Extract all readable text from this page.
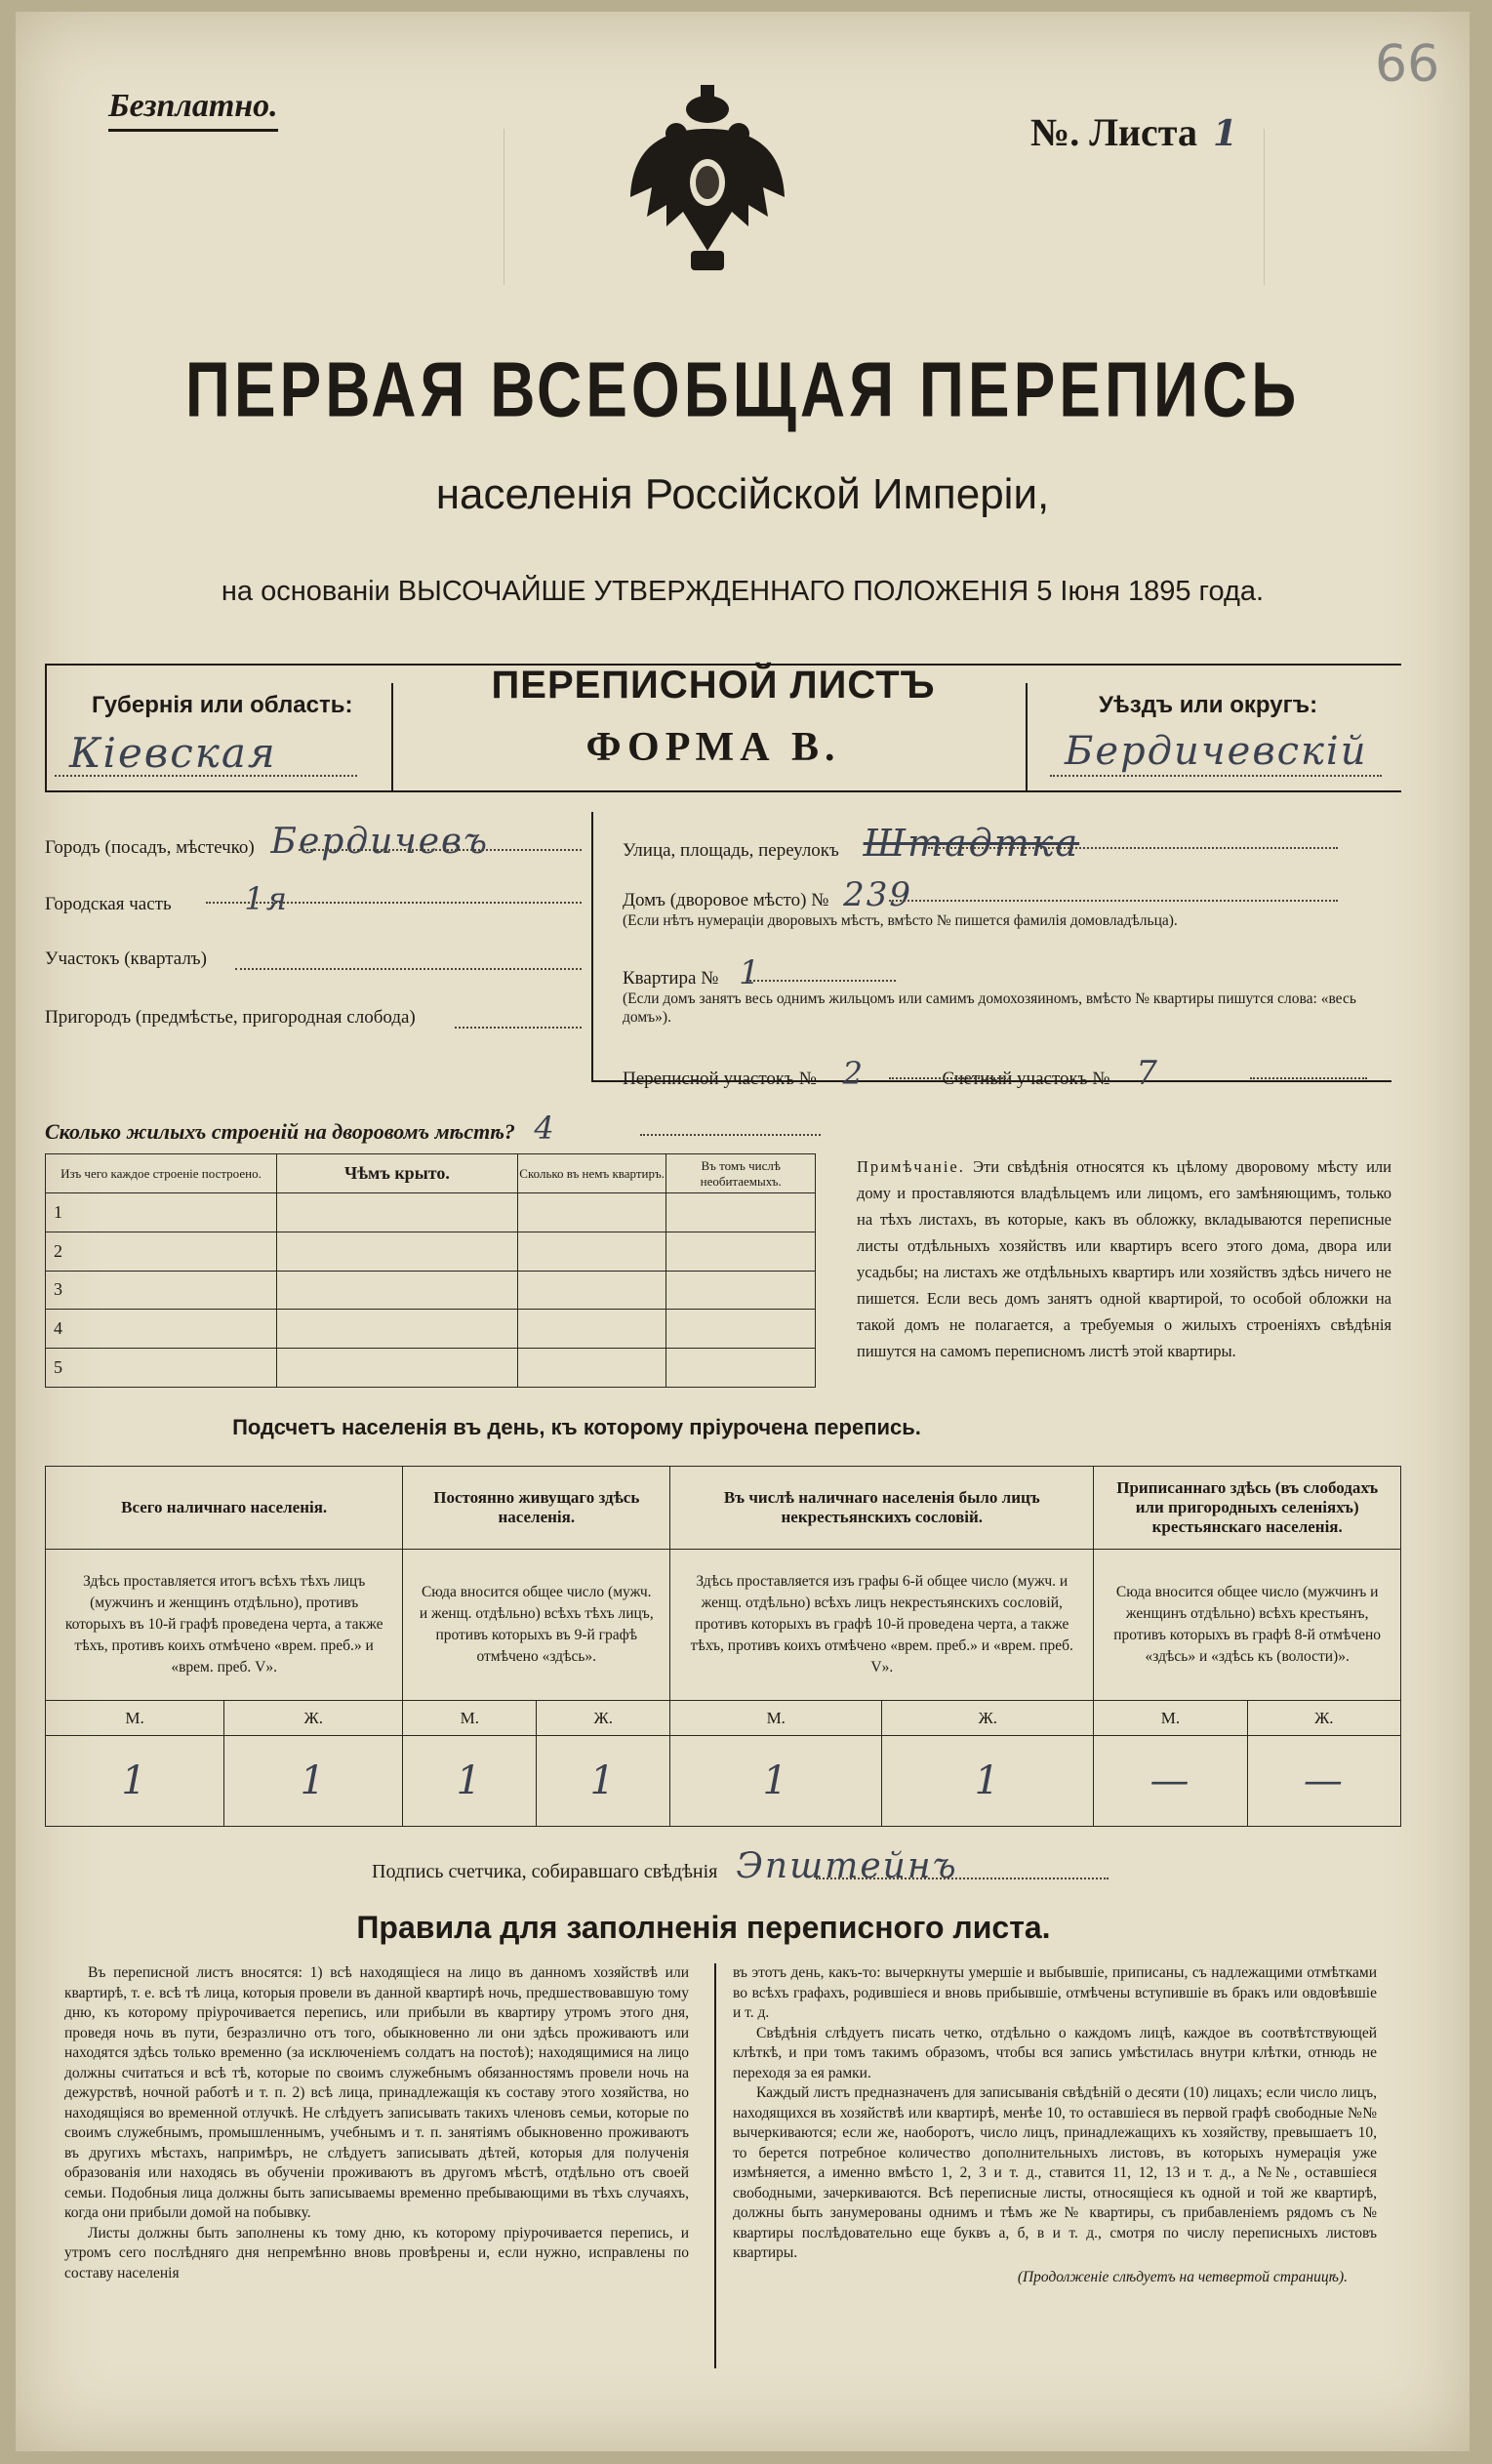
66
Безплатно.
№. Листа 1
ПЕРВАЯ ВСЕОБЩАЯ ПЕРЕПИСЬ
населенія Россійской Имперіи,
на основаніи ВЫСОЧАЙШЕ УТВЕРЖДЕННАГО ПОЛОЖЕНІЯ 5 Іюня 1895 года.
Губернія или область:
Кіевская
ПЕРЕПИСНОЙ ЛИСТЪ
ФОРМА В.
Уѣздъ или округъ:
Бердичевскій
Городъ (посадъ, мѣстечко) Бердичевъ
Городская часть 1я
Участокъ (кварталъ)
Пригородъ (предмѣстье, пригородная слобода)
Улица, площадь, переулокъ Штадтка
Домъ (дворовое мѣсто) № 239
(Если нѣтъ нумераціи дворовыхъ мѣстъ, вмѣсто № пишется фамилія домовладѣльца).
Квартира № 1
(Если домъ занятъ весь однимъ жильцомъ или самимъ домохозяиномъ, вмѣсто № квартиры пишутся слова: «весь домъ»).
Переписной участокъ № 2	Счетный участокъ № 7
Сколько жилыхъ строеній на дворовомъ мѣстѣ? 4
Изъ чего каждое строеніе построено.	Чѣмъ крыто.	Сколько въ немъ квартиръ.	Въ томъ числѣ необитаемыхъ.
1			
2			
3			
4			
5			
Примѣчаніе. Эти свѣдѣнія относятся къ цѣлому дворовому мѣсту или дому и проставляются владѣльцемъ или лицомъ, его замѣняющимъ, только на тѣхъ листахъ, въ которые, какъ въ обложку, вкладываются переписные листы отдѣльныхъ хозяйствъ или квартиръ всего этого дома, двора или усадьбы; на листахъ же отдѣльныхъ квартиръ или хозяйствъ здѣсь ничего не пишется. Если весь домъ занятъ одной квартирой, то особой обложки на такой домъ не полагается, а требуемыя о жилыхъ строеніяхъ свѣдѣнія пишутся на самомъ переписномъ листѣ этой квартиры.
Подсчетъ населенія въ день, къ которому пріурочена перепись.
Всего наличнаго населенія.		Постоянно живущаго здѣсь населенія.		Въ числѣ наличнаго населенія было лицъ некрестьянскихъ сословій.		Приписаннаго здѣсь (въ слободахъ или пригородныхъ селеніяхъ) крестьянскаго населенія.	
Здѣсь проставляется итогъ всѣхъ тѣхъ лицъ (мужчинъ и женщинъ отдѣльно), противъ которыхъ въ 10-й графѣ проведена черта, а также тѣхъ, противъ коихъ отмѣчено «врем. преб.» и «врем. преб. V».		Сюда вносится общее число (мужч. и женщ. отдѣльно) всѣхъ тѣхъ лицъ, противъ которыхъ въ 9-й графѣ отмѣчено «здѣсь».		Здѣсь проставляется изъ графы 6-й общее число (мужч. и женщ. отдѣльно) всѣхъ лицъ некрестьянскихъ сословій, противъ которыхъ въ графѣ 10-й проведена черта, а также тѣхъ, противъ коихъ отмѣчено «врем. преб.» и «врем. преб. V».		Сюда вносится общее число (мужчинъ и женщинъ отдѣльно) всѣхъ крестьянъ, противъ которыхъ въ графѣ 8-й отмѣчено «здѣсь» и «здѣсь къ (волости)».	
М.	Ж.	М.	Ж.	М.	Ж.	М.	Ж.
1	1	1	1	1	1	—	—
Подпись счетчика, собиравшаго свѣдѣнія Эпштейнъ
Правила для заполненія переписного листа.

Въ переписной листъ вносятся: 1) всѣ находящіеся на лицо въ данномъ хозяйствѣ или квартирѣ, т. е. всѣ тѣ лица, которыя провели въ данной квартирѣ ночь, предшествовавшую тому дню, къ которому пріурочивается перепись, или прибыли въ квартиру утромъ этого дня, проведя ночь въ пути, безразлично отъ того, обыкновенно ли они здѣсь проживаютъ или находятся здѣсь только временно (за исключеніемъ солдатъ на постоѣ); находящимися на лицо должны считаться и всѣ тѣ, которые по своимъ служебнымъ обязанностямъ провели ночь на дежурствѣ, ночной работѣ и т. п. 2) всѣ лица, принадлежащія къ составу этого хозяйства, но находящіяся во временной отлучкѣ. Не слѣдуетъ записывать такихъ членовъ семьи, которые по своимъ служебнымъ, промышленнымъ, учебнымъ и т. п. занятіямъ обыкновенно проживаютъ въ другихъ мѣстахъ, напримѣръ, не слѣдуетъ записывать дѣтей, которыя для полученія образованія или находясь въ обученіи проживаютъ въ другомъ мѣстѣ, отдѣльно отъ своей семьи. Подобныя лица должны быть записываемы временно пребывающими въ тѣхъ случаяхъ, когда они прибыли домой на побывку.

Листы должны быть заполнены къ тому дню, къ которому пріурочивается перепись, и утромъ сего послѣдняго дня непремѣнно вновь провѣрены и, если нужно, исправлены по составу населенія

въ этотъ день, какъ-то: вычеркнуты умершіе и выбывшіе, приписаны, съ надлежащими отмѣтками во всѣхъ графахъ, родившіеся и вновь прибывшіе, отмѣчены вступившіе въ бракъ или овдовѣвшіе и т. д.

Свѣдѣнія слѣдуетъ писать четко, отдѣльно о каждомъ лицѣ, каждое въ соотвѣтствующей клѣткѣ, и при томъ такимъ образомъ, чтобы вся запись умѣстилась внутри клѣтки, отнюдь не переходя за ея рамки.

Каждый листъ предназначенъ для записыванія свѣдѣній о десяти (10) лицахъ; если число лицъ, находящихся въ хозяйствѣ или квартирѣ, менѣе 10, то оставшіеся въ первой графѣ свободные №№ вычеркиваются; если же, наоборотъ, число лицъ, принадлежащихъ къ хозяйству, превышаетъ 10, то берется потребное количество дополнительныхъ листовъ, въ которыхъ нумерація уже измѣняется, а именно вмѣсто 1, 2, 3 и т. д., ставится 11, 12, 13 и т. д., а №№, оставшіеся свободными, зачеркиваются. Всѣ переписные листы, относящіеся къ одной и той же квартирѣ, должны быть занумерованы однимъ и тѣмъ же № квартиры, съ прибавленіемъ рядомъ съ № квартиры послѣдовательно еще буквъ а, б, в и т. д., смотря по числу переписныхъ листовъ квартиры.

(Продолженіе слѣдуетъ на четвертой страницѣ).
